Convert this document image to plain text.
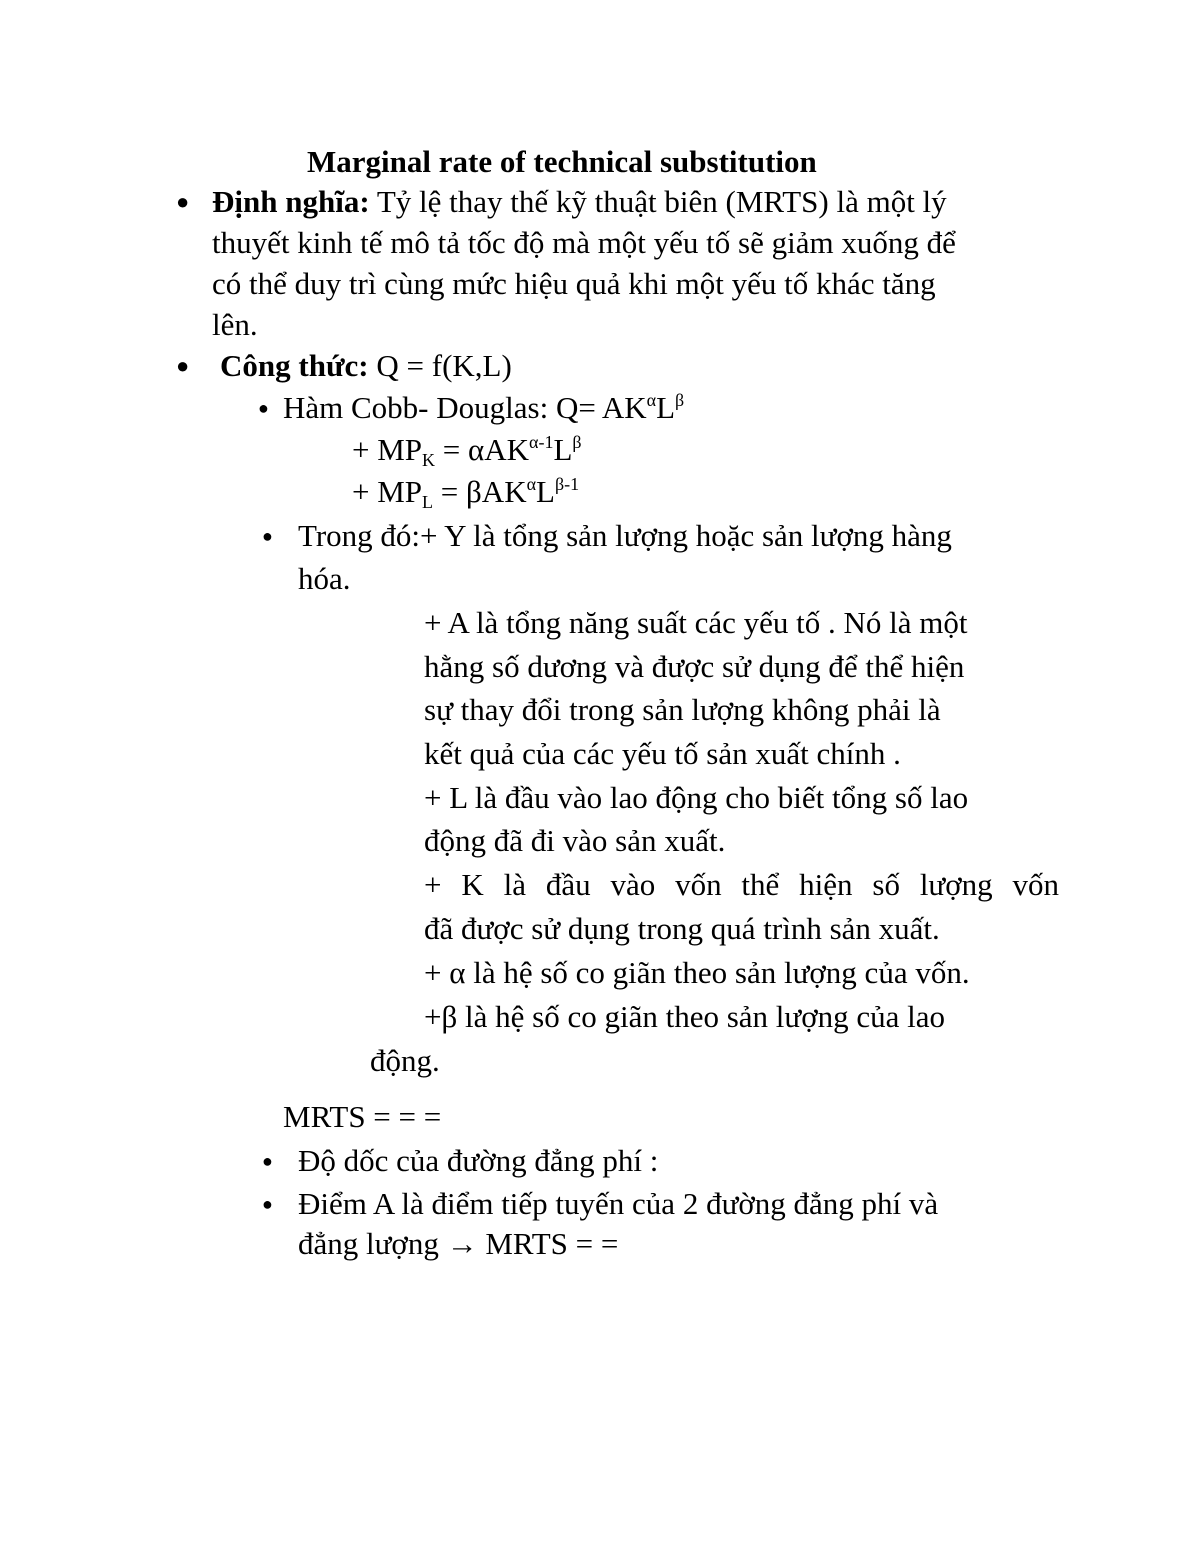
Marginal rate of technical substitution
● Định nghĩa: Tỷ lệ thay thế kỹ thuật biên (MRTS) là một lý
thuyết kinh tế mô tả tốc độ mà một yếu tố sẽ giảm xuống để
có thể duy trì cùng mức hiệu quả khi một yếu tố khác tăng
lên.
● Công thức: Q = f(K,L)
● Hàm Cobb- Douglas: $Q= AK^\alpha L^\beta$
+ $MP_K = \alpha AK^{\alpha-1}L^\beta$
+ $MP_L = \beta AK^\alpha L^{\beta-1}$
● Trong đó:+ Y là tổng sản lượng hoặc sản lượng hàng
hóa.
+ A là tổng năng suất các yếu tố . Nó là một
hằng số dương và được sử dụng để thể hiện
sự thay đổi trong sản lượng không phải là
kết quả của các yếu tố sản xuất chính .
+ L là đầu vào lao động cho biết tổng số lao
động đã đi vào sản xuất.
+ K là đầu vào vốn thể hiện số lượng vốn
đã được sử dụng trong quá trình sản xuất.
+ α là hệ số co giãn theo sản lượng của vốn.
+β là hệ số co giãn theo sản lượng của lao
động.
MRTS = = =
● Độ dốc của đường đẳng phí :
● Điểm A là điểm tiếp tuyến của 2 đường đẳng phí và
đẳng lượng → MRTS = =
